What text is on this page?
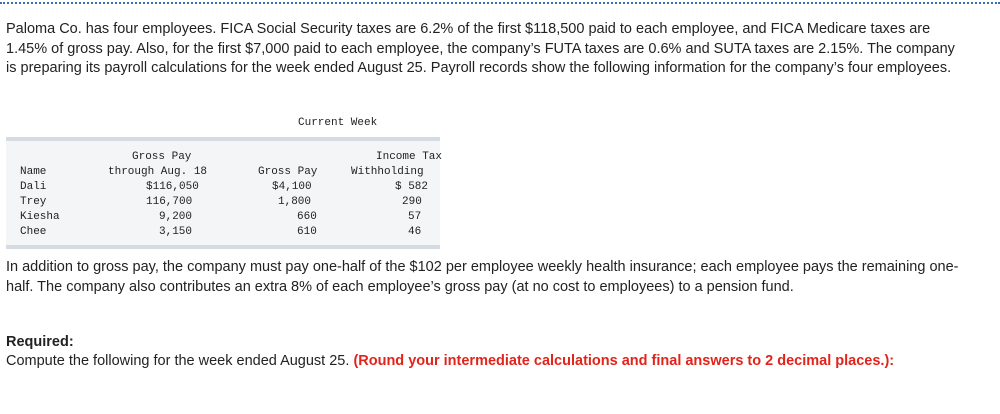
Paloma Co. has four employees. FICA Social Security taxes are 6.2% of the first $118,500 paid to each employee, and FICA Medicare taxes are 1.45% of gross pay. Also, for the first $7,000 paid to each employee, the company’s FUTA taxes are 0.6% and SUTA taxes are 2.15%. The company is preparing its payroll calculations for the week ended August 25. Payroll records show the following information for the company’s four employees.

Current Week
Gross Pay	Income Tax
Name	through Aug. 18	Gross Pay	Withholding
Dali	$116,050	$4,100	$ 582
Trey	116,700	1,800	290
Kiesha	9,200	660	57
Chee	3,150	610	46

In addition to gross pay, the company must pay one-half of the $102 per employee weekly health insurance; each employee pays the remaining one-half. The company also contributes an extra 8% of each employee’s gross pay (at no cost to employees) to a pension fund.

Required:

Compute the following for the week ended August 25. (Round your intermediate calculations and final answers to 2 decimal places.):
